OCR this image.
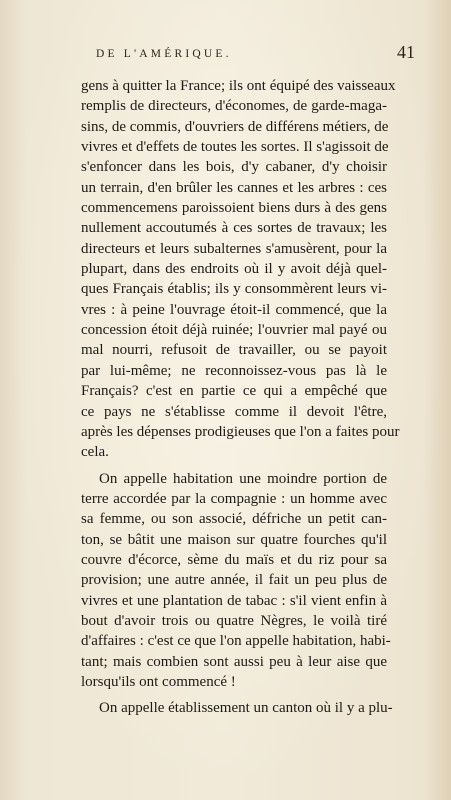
DE L'AMÉRIQUE.	41
gens à quitter la France; ils ont équipé des vaisseaux
remplis de directeurs, d'économes, de garde-maga-
sins, de commis, d'ouvriers de différens métiers, de
vivres et d'effets de toutes les sortes. Il s'agissoit de
s'enfoncer dans les bois, d'y cabaner, d'y choisir
un terrain, d'en brûler les cannes et les arbres : ces
commencemens paroissoient biens durs à des gens
nullement accoutumés à ces sortes de travaux; les
directeurs et leurs subalternes s'amusèrent, pour la
plupart, dans des endroits où il y avoit déjà quel-
ques Français établis; ils y consommèrent leurs vi-
vres : à peine l'ouvrage étoit-il commencé, que la
concession étoit déjà ruinée; l'ouvrier mal payé ou
mal nourri, refusoit de travailler, ou se payoit
par lui-même; ne reconnoissez-vous pas là le
Français? c'est en partie ce qui a empêché que
ce pays ne s'établisse comme il devoit l'être,
après les dépenses prodigieuses que l'on a faites pour
cela.
On appelle habitation une moindre portion de
terre accordée par la compagnie : un homme avec
sa femme, ou son associé, défriche un petit can-
ton, se bâtit une maison sur quatre fourches qu'il
couvre d'écorce, sème du maïs et du riz pour sa
provision; une autre année, il fait un peu plus de
vivres et une plantation de tabac : s'il vient enfin à
bout d'avoir trois ou quatre Nègres, le voilà tiré
d'affaires : c'est ce que l'on appelle habitation, habi-
tant; mais combien sont aussi peu à leur aise que
lorsqu'ils ont commencé !
On appelle établissement un canton où il y a plu-
